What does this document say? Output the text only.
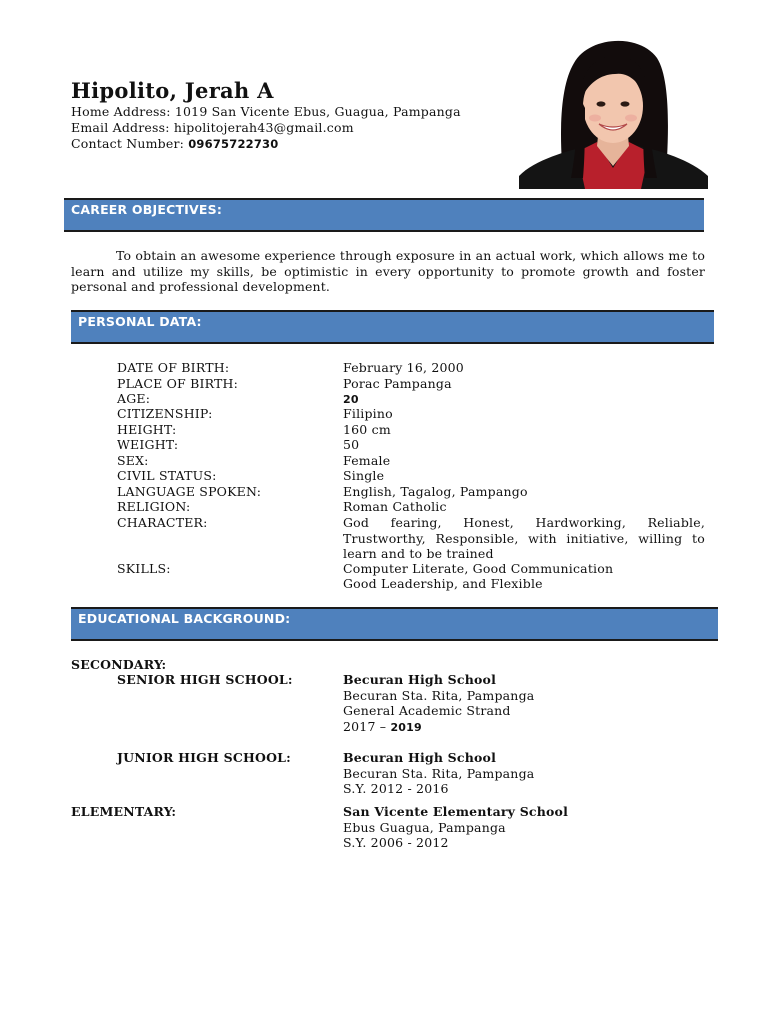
Hipolito, Jerah A
Home Address: 1019 San Vicente Ebus, Guagua, Pampanga
Email Address: hipolitojerah43@gmail.com
Contact Number: 09675722730
CAREER OBJECTIVES:
To obtain an awesome experience through exposure in an actual work, which allows me to learn and utilize my skills, be optimistic in every opportunity to promote growth and foster personal and professional development.
PERSONAL DATA:
DATE OF BIRTH:	February 16, 2000
PLACE OF BIRTH:	Porac Pampanga
AGE:	20
CITIZENSHIP:	Filipino
HEIGHT:	160 cm
WEIGHT:	50
SEX:	Female
CIVIL STATUS:	Single
LANGUAGE SPOKEN:	English, Tagalog, Pampango
RELIGION:	Roman Catholic
CHARACTER:	God fearing, Honest, Hardworking, Reliable, Trustworthy, Responsible, with initiative, willing to learn and to be trained
SKILLS:	Computer Literate, Good Communication
Good Leadership, and Flexible
EDUCATIONAL BACKGROUND:
SECONDARY:
SENIOR HIGH SCHOOL:	Becuran High School
Becuran Sta. Rita, Pampanga
General Academic Strand
2017 – 2019
JUNIOR HIGH SCHOOL:	Becuran High School
Becuran Sta. Rita, Pampanga
S.Y. 2012 - 2016
ELEMENTARY:	San Vicente Elementary School
Ebus Guagua, Pampanga
S.Y. 2006 - 2012
